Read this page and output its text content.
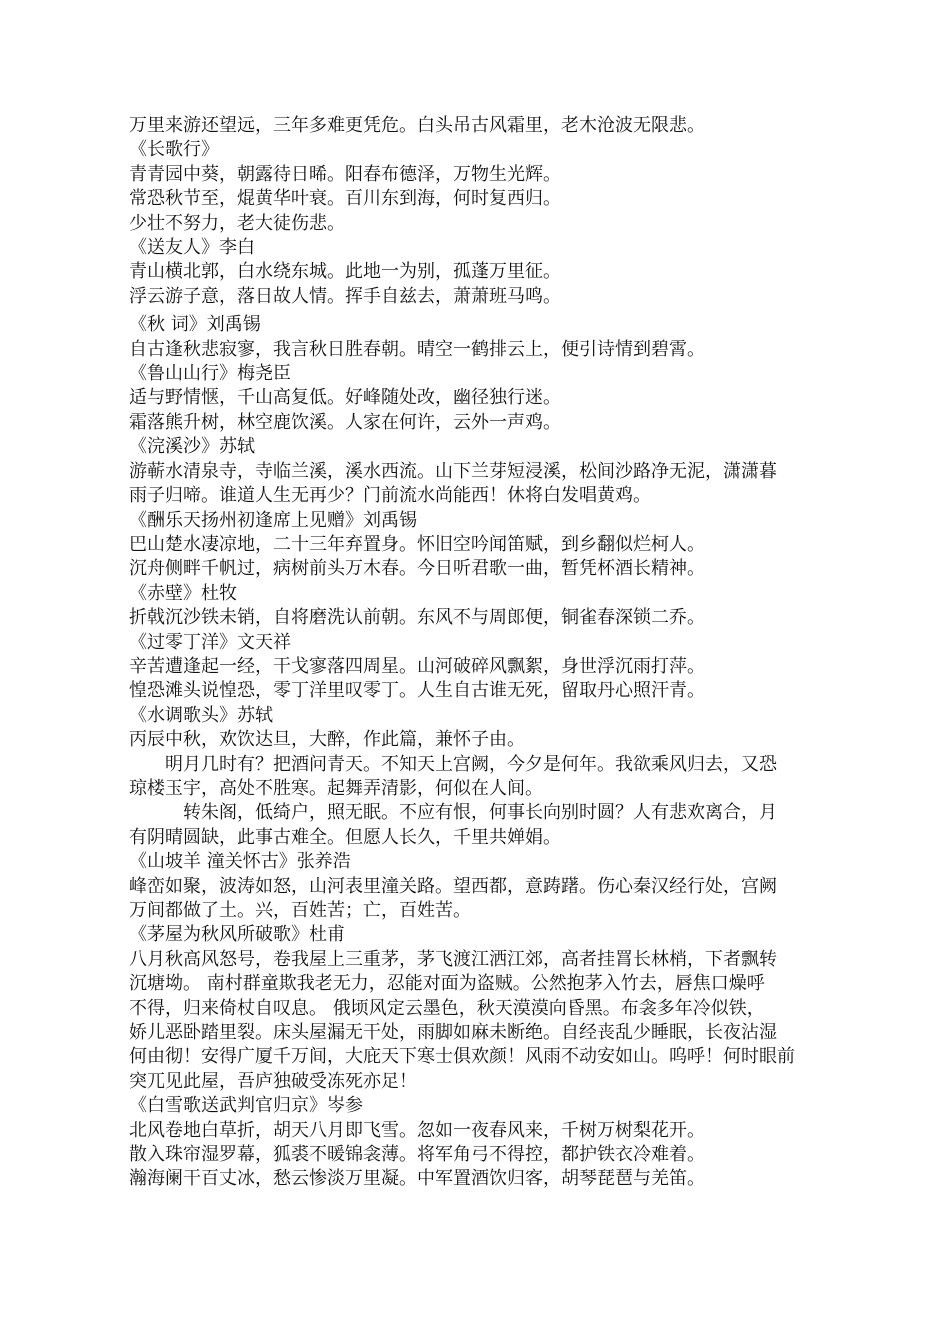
万里来游还望远，三年多难更凭危。白头吊古风霜里，老木沧波无限悲。
《长歌行》
青青园中葵，朝露待日晞。阳春布德泽，万物生光辉。
常恐秋节至，焜黄华叶衰。百川东到海，何时复西归。
少壮不努力，老大徒伤悲。
《送友人》李白
青山横北郭，白水绕东城。此地一为别，孤蓬万里征。
浮云游子意，落日故人情。挥手自兹去，萧萧班马鸣。 · ·
《秋 词》刘禹锡
自古逢秋悲寂寥，我言秋日胜春朝。晴空一鹤排云上，便引诗情到碧霄。
《鲁山山行》梅尧臣
适与野情惬，千山高复低。好峰随处改，幽径独行迷。
霜落熊升树，林空鹿饮溪。人家在何许，云外一声鸡。
《浣溪沙》苏轼
游蕲水清泉寺，寺临兰溪，溪水西流。山下兰芽短浸溪，松间沙路净无泥，潇潇暮
雨子归啼。谁道人生无再少？门前流水尚能西！休将白发唱黄鸡。
《酬乐天扬州初逢席上见赠》刘禹锡
巴山楚水凄凉地，二十三年弃置身。怀旧空吟闻笛赋，到乡翻似烂柯人。
沉舟侧畔千帆过，病树前头万木春。今日听君歌一曲，暂凭杯酒长精神。
《赤壁》杜牧
折戟沉沙铁未销，自将磨洗认前朝。东风不与周郎便，铜雀春深锁二乔。
《过零丁洋》文天祥
辛苦遭逢起一经，干戈寥落四周星。山河破碎风飘絮，身世浮沉雨打萍。
惶恐滩头说惶恐，零丁洋里叹零丁。人生自古谁无死，留取丹心照汗青。
《水调歌头》苏轼
丙辰中秋，欢饮达旦，大醉，作此篇，兼怀子由。
明月几时有？把酒问青天。不知天上宫阙，今夕是何年。我欲乘风归去，又恐
琼楼玉宇，高处不胜寒。起舞弄清影，何似在人间。
转朱阁，低绮户，照无眠。不应有恨，何事长向别时圆？人有悲欢离合，月
有阴晴圆缺，此事古难全。但愿人长久，千里共婵娟。
《山坡羊 潼关怀古》张养浩
峰峦如聚，波涛如怒，山河表里潼关路。望西都，意踌躇。伤心秦汉经行处，宫阙
万间都做了土。兴，百姓苦；亡，百姓苦。
《茅屋为秋风所破歌》杜甫
八月秋高风怒号，卷我屋上三重茅，茅飞渡江洒江郊，高者挂罥长林梢，下者飘转
沉塘坳。 南村群童欺我老无力，忍能对面为盗贼。公然抱茅入竹去，唇焦口燥呼
不得，归来倚杖自叹息。 俄顷风定云墨色，秋天漠漠向昏黑。布衾多年冷似铁，
娇儿恶卧踏里裂。床头屋漏无干处，雨脚如麻未断绝。自经丧乱少睡眠，长夜沾湿
何由彻！安得广厦千万间，大庇天下寒士俱欢颜！风雨不动安如山。呜呼！何时眼前
突兀见此屋，吾庐独破受冻死亦足！
《白雪歌送武判官归京》岑参
北风卷地白草折，胡天八月即飞雪。忽如一夜春风来，千树万树梨花开。
散入珠帘湿罗幕，狐裘不暖锦衾薄。将军角弓不得控，都护铁衣冷难着。
瀚海阑干百丈冰，愁云惨淡万里凝。中军置酒饮归客，胡琴琵琶与羌笛。
